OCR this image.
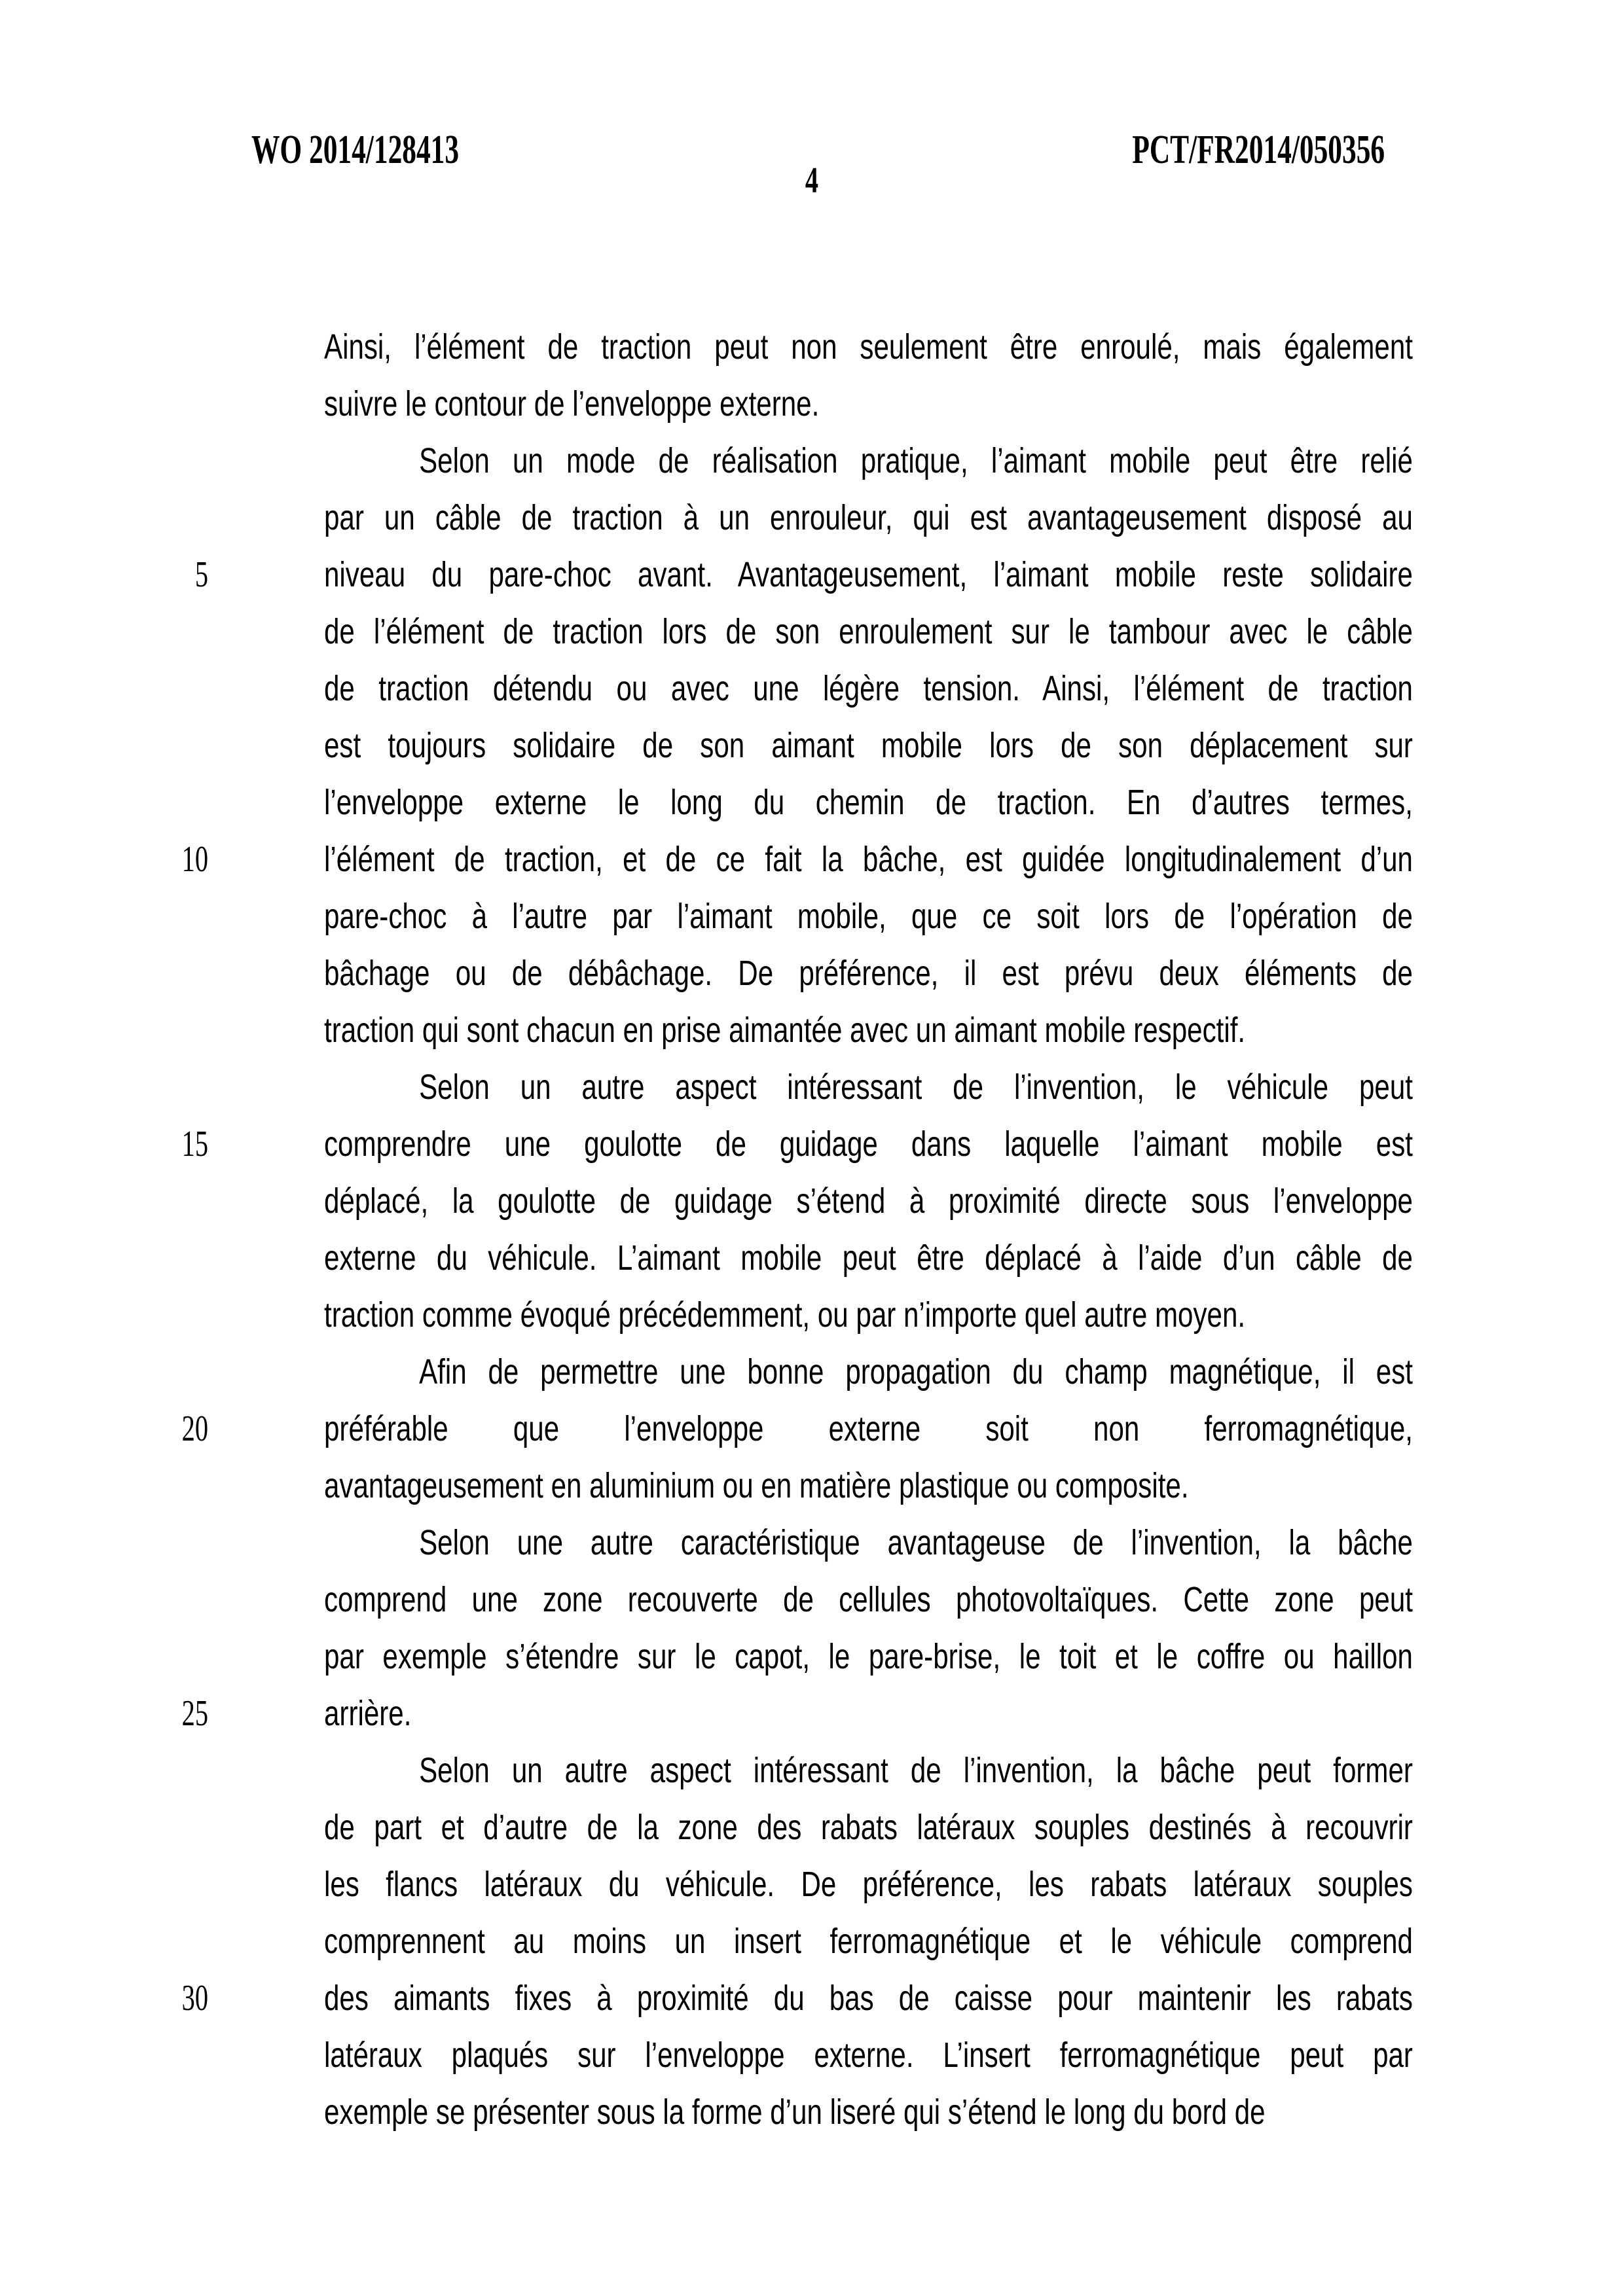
WO 2014/128413	PCT/FR2014/050356
4
5
10
15
20
25
30
Ainsi, l’élément de traction peut non seulement être enroulé, mais également
suivre le contour de l’enveloppe externe.
Selon un mode de réalisation pratique, l’aimant mobile peut être relié
par un câble de traction à un enrouleur, qui est avantageusement disposé au
niveau du pare-choc avant. Avantageusement, l’aimant mobile reste solidaire
de l’élément de traction lors de son enroulement sur le tambour avec le câble
de traction détendu ou avec une légère tension. Ainsi, l’élément de traction
est toujours solidaire de son aimant mobile lors de son déplacement sur
l’enveloppe externe le long du chemin de traction. En d’autres termes,
l’élément de traction, et de ce fait la bâche, est guidée longitudinalement d’un
pare-choc à l’autre par l’aimant mobile, que ce soit lors de l’opération de
bâchage ou de débâchage. De préférence, il est prévu deux éléments de
traction qui sont chacun en prise aimantée avec un aimant mobile respectif.
Selon un autre aspect intéressant de l’invention, le véhicule peut
comprendre une goulotte de guidage dans laquelle l’aimant mobile est
déplacé, la goulotte de guidage s’étend à proximité directe sous l’enveloppe
externe du véhicule. L’aimant mobile peut être déplacé à l’aide d’un câble de
traction comme évoqué précédemment, ou par n’importe quel autre moyen.
Afin de permettre une bonne propagation du champ magnétique, il est
préférable que l’enveloppe externe soit non ferromagnétique,
avantageusement en aluminium ou en matière plastique ou composite.
Selon une autre caractéristique avantageuse de l’invention, la bâche
comprend une zone recouverte de cellules photovoltaïques. Cette zone peut
par exemple s’étendre sur le capot, le pare-brise, le toit et le coffre ou haillon
arrière.
Selon un autre aspect intéressant de l’invention, la bâche peut former
de part et d’autre de la zone des rabats latéraux souples destinés à recouvrir
les flancs latéraux du véhicule. De préférence, les rabats latéraux souples
comprennent au moins un insert ferromagnétique et le véhicule comprend
des aimants fixes à proximité du bas de caisse pour maintenir les rabats
latéraux plaqués sur l’enveloppe externe. L’insert ferromagnétique peut par
exemple se présenter sous la forme d’un liseré qui s’étend le long du bord de
